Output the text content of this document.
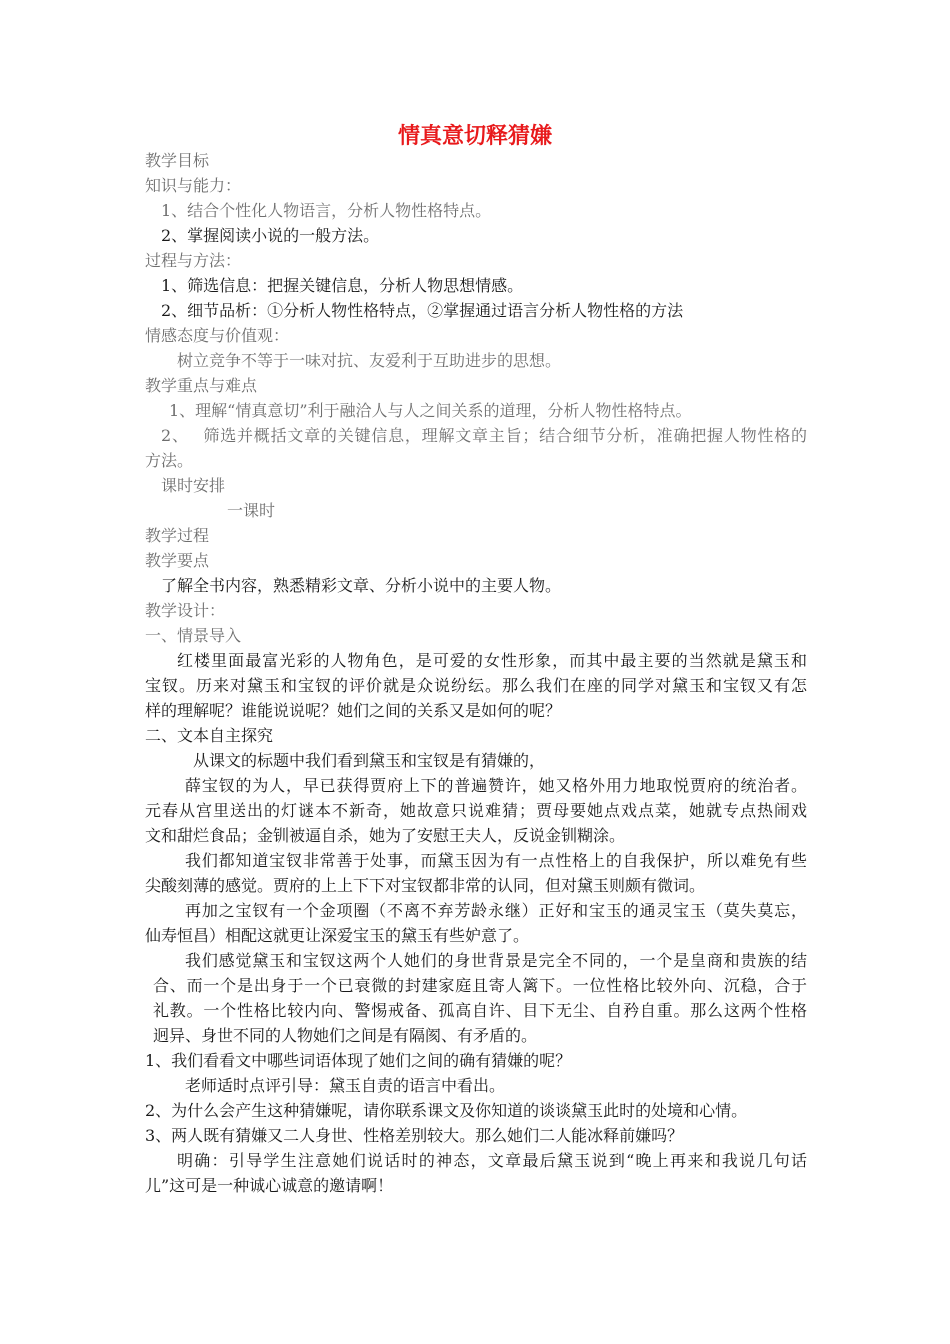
情真意切释猜嫌
教学目标
知识与能力：
1、结合个性化人物语言，分析人物性格特点。
2、掌握阅读小说的一般方法。
过程与方法：
1、筛选信息：把握关键信息，分析人物思想情感。
2、细节品析：①分析人物性格特点，②掌握通过语言分析人物性格的方法
情感态度与价值观：
树立竞争不等于一味对抗、友爱利于互助进步的思想。
教学重点与难点
1、理解“情真意切”利于融洽人与人之间关系的道理，分析人物性格特点。
2、　 筛选并概括文章的关键信息，理解文章主旨；结合细节分析，准确把握人物性格的
方法。
课时安排
一课时
教学过程
教学要点
了解全书内容，熟悉精彩文章、分析小说中的主要人物。
教学设计：
一、情景导入
红楼里面最富光彩的人物角色，是可爱的女性形象，而其中最主要的当然就是黛玉和
宝钗。历来对黛玉和宝钗的评价就是众说纷纭。那么我们在座的同学对黛玉和宝钗又有怎
样的理解呢？谁能说说呢？她们之间的关系又是如何的呢？
二、文本自主探究
从课文的标题中我们看到黛玉和宝钗是有猜嫌的，
薛宝钗的为人，早已获得贾府上下的普遍赞许，她又格外用力地取悦贾府的统治者。
元春从宫里送出的灯谜本不新奇，她故意只说难猜；贾母要她点戏点菜，她就专点热闹戏
文和甜烂食品；金钏被逼自杀，她为了安慰王夫人，反说金钏糊涂。
我们都知道宝钗非常善于处事，而黛玉因为有一点性格上的自我保护，所以难免有些
尖酸刻薄的感觉。贾府的上上下下对宝钗都非常的认同，但对黛玉则颇有微词。
再加之宝钗有一个金项圈（不离不弃芳龄永继）正好和宝玉的通灵宝玉（莫失莫忘，
仙寿恒昌）相配这就更让深爱宝玉的黛玉有些妒意了。
我们感觉黛玉和宝钗这两个人她们的身世背景是完全不同的，一个是皇商和贵族的结
合、而一个是出身于一个已衰微的封建家庭且寄人篱下。一位性格比较外向、沉稳，合于
礼教。一个性格比较内向、警惕戒备、孤高自许、目下无尘、自矜自重。那么这两个性格
迥异、身世不同的人物她们之间是有隔阂、有矛盾的。
1、我们看看文中哪些词语体现了她们之间的确有猜嫌的呢？
老师适时点评引导：黛玉自责的语言中看出。
2、为什么会产生这种猜嫌呢，请你联系课文及你知道的谈谈黛玉此时的处境和心情。
3、两人既有猜嫌又二人身世、性格差别较大。那么她们二人能冰释前嫌吗？
明确：引导学生注意她们说话时的神态，文章最后黛玉说到“晚上再来和我说几句话
儿”这可是一种诚心诚意的邀请啊！
